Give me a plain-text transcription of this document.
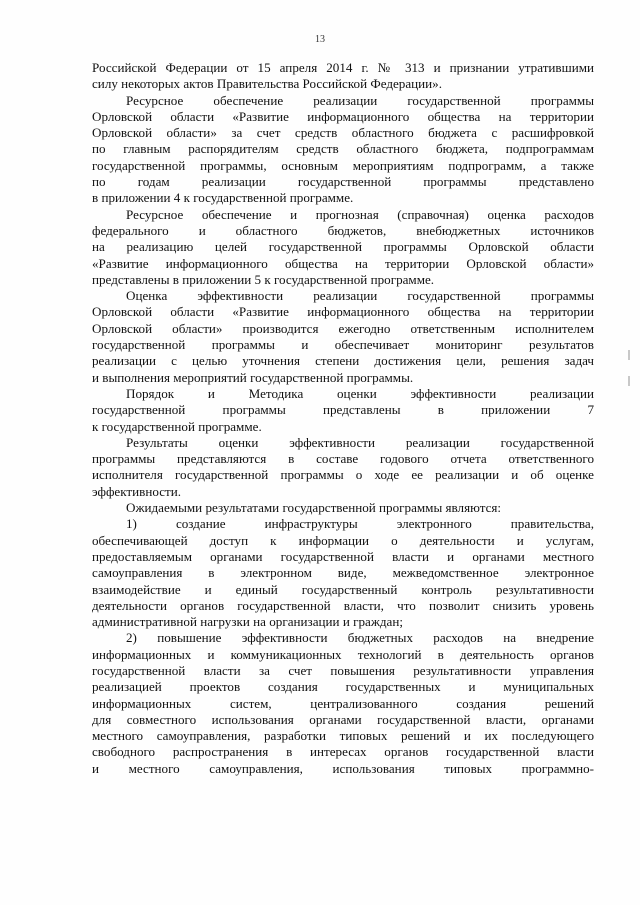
13
Российской Федерации от 15 апреля 2014 г. № 313 и признании утратившими
силу некоторых актов Правительства Российской Федерации».
Ресурсное обеспечение реализации государственной программы
Орловской области «Развитие информационного общества на территории
Орловской области» за счет средств областного бюджета с расшифровкой
по главным распорядителям средств областного бюджета, подпрограммам
государственной программы, основным мероприятиям подпрограмм, а также
по годам реализации государственной программы представлено
в приложении 4 к государственной программе.
Ресурсное обеспечение и прогнозная (справочная) оценка расходов
федерального и областного бюджетов, внебюджетных источников
на реализацию целей государственной программы Орловской области
«Развитие информационного общества на территории Орловской области»
представлены в приложении 5 к государственной программе.
Оценка эффективности реализации государственной программы
Орловской области «Развитие информационного общества на территории
Орловской области» производится ежегодно ответственным исполнителем
государственной программы и обеспечивает мониторинг результатов
реализации с целью уточнения степени достижения цели, решения задач
и выполнения мероприятий государственной программы.
Порядок и Методика оценки эффективности реализации
государственной программы представлены в приложении 7
к государственной программе.
Результаты оценки эффективности реализации государственной
программы представляются в составе годового отчета ответственного
исполнителя государственной программы о ходе ее реализации и об оценке
эффективности.
Ожидаемыми результатами государственной программы являются:
1) создание инфраструктуры электронного правительства,
обеспечивающей доступ к информации о деятельности и услугам,
предоставляемым органами государственной власти и органами местного
самоуправления в электронном виде, межведомственное электронное
взаимодействие и единый государственный контроль результативности
деятельности органов государственной власти, что позволит снизить уровень
административной нагрузки на организации и граждан;
2) повышение эффективности бюджетных расходов на внедрение
информационных и коммуникационных технологий в деятельность органов
государственной власти за счет повышения результативности управления
реализацией проектов создания государственных и муниципальных
информационных систем, централизованного создания решений
для совместного использования органами государственной власти, органами
местного самоуправления, разработки типовых решений и их последующего
свободного распространения в интересах органов государственной власти
и местного самоуправления, использования типовых программно-
